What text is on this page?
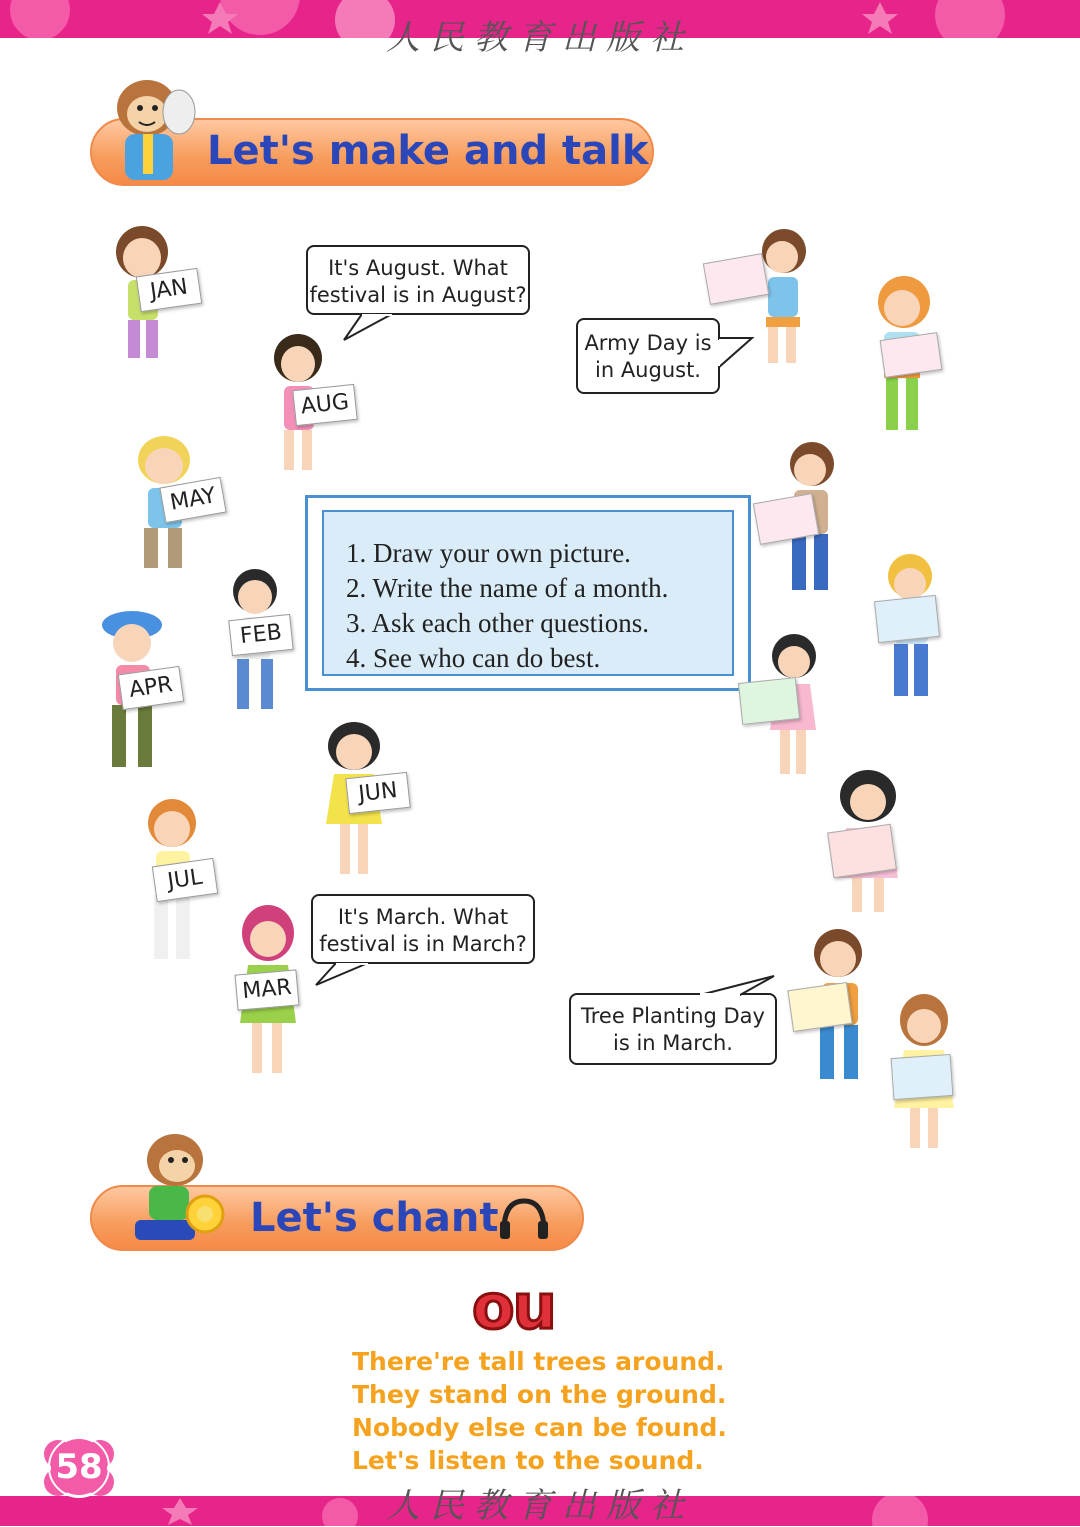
人民教育出版社
Let's make and talk
It's August. What
festival is in August?
Army Day is
in August.
It's March. What
festival is in March?
Tree Planting Day
is in March.
1. Draw your own picture.
2. Write the name of a month.
3. Ask each other questions.
4. See who can do best.
JAN
AUG
MAY
FEB
APR
JUN
JUL
MAR
Let's chant
ou
There're tall trees around.
They stand on the ground.
Nobody else can be found.
Let's listen to the sound.
人民教育出版社
58
